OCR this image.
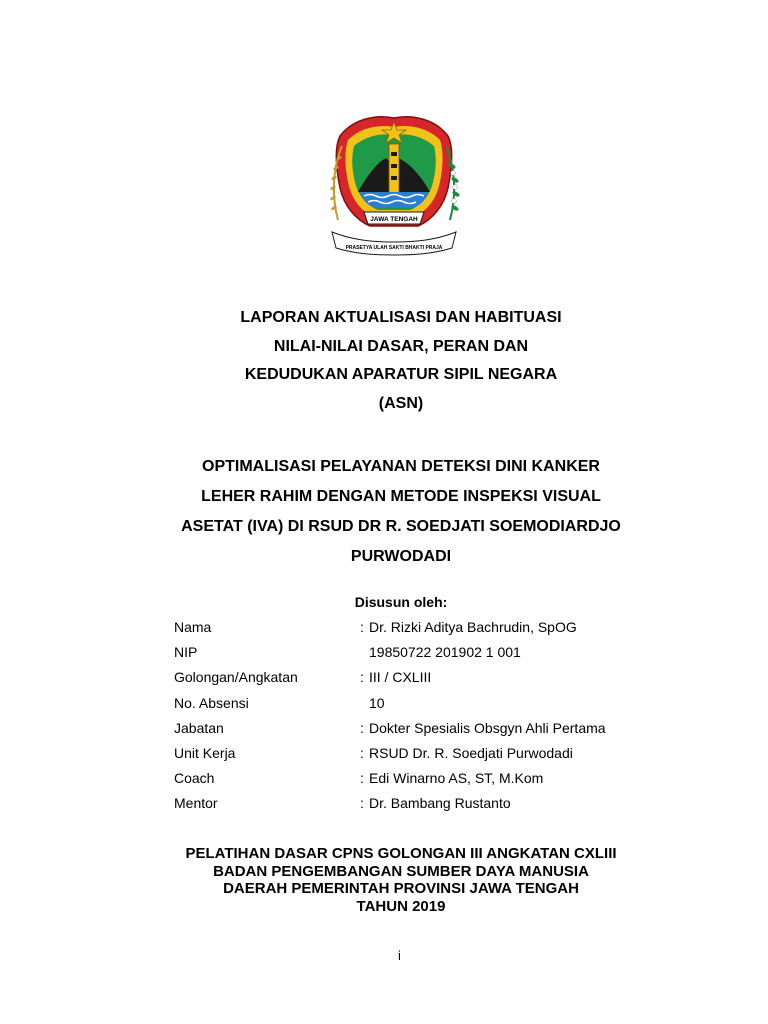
JAWA TENGAH
PRASETYA ULAH SAKTI BHAKTI PRAJA
LAPORAN AKTUALISASI DAN HABITUASI
NILAI-NILAI DASAR, PERAN DAN
KEDUDUKAN APARATUR SIPIL NEGARA
(ASN)
OPTIMALISASI PELAYANAN DETEKSI DINI KANKER
LEHER RAHIM DENGAN METODE INSPEKSI VISUAL
ASETAT (IVA) DI RSUD DR R. SOEDJATI SOEMODIARDJO
PURWODADI
Disusun oleh:
Nama	: Dr. Rizki Aditya Bachrudin, SpOG
NIP	19850722 201902 1 001
Golongan/Angkatan	: III / CXLIII
No. Absensi	10
Jabatan	: Dokter Spesialis Obsgyn Ahli Pertama
Unit Kerja	: RSUD Dr. R. Soedjati Purwodadi
Coach	: Edi Winarno AS, ST, M.Kom
Mentor	: Dr. Bambang Rustanto
PELATIHAN DASAR CPNS GOLONGAN III ANGKATAN CXLIII
BADAN PENGEMBANGAN SUMBER DAYA MANUSIA
DAERAH PEMERINTAH PROVINSI JAWA TENGAH
TAHUN 2019
i
